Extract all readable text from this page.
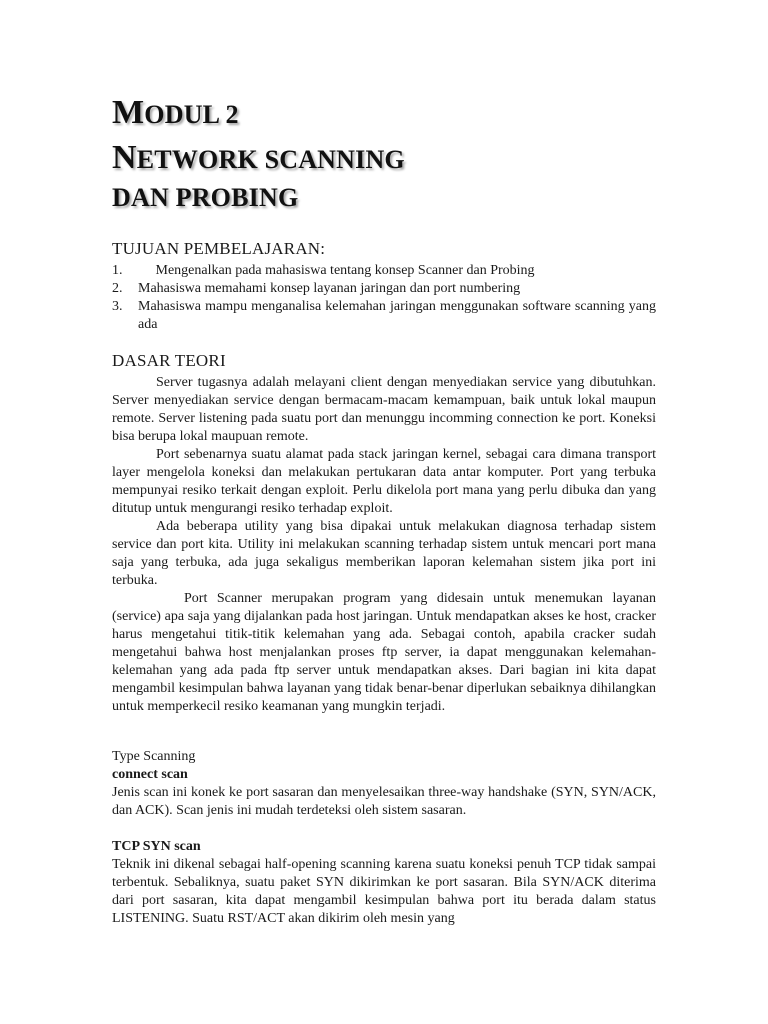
MODUL 2
NETWORK SCANNING
DAN PROBING
TUJUAN PEMBELAJARAN:
1.	Mengenalkan pada mahasiswa tentang konsep Scanner dan Probing
2.	Mahasiswa memahami konsep layanan jaringan dan port numbering
3.	Mahasiswa mampu menganalisa kelemahan jaringan menggunakan software scanning yang ada
DASAR TEORI

Server tugasnya adalah melayani client dengan menyediakan service yang dibutuhkan. Server menyediakan service dengan bermacam-macam kemampuan, baik untuk lokal maupun remote. Server listening pada suatu port dan menunggu incomming connection ke port. Koneksi bisa berupa lokal maupuan remote.

Port sebenarnya suatu alamat pada stack jaringan kernel, sebagai cara dimana transport layer mengelola koneksi dan melakukan pertukaran data antar komputer. Port yang terbuka mempunyai resiko terkait dengan exploit. Perlu dikelola port mana yang perlu dibuka dan yang ditutup untuk mengurangi resiko terhadap exploit.

Ada beberapa utility yang bisa dipakai untuk melakukan diagnosa terhadap sistem service dan port kita. Utility ini melakukan scanning terhadap sistem untuk mencari port mana saja yang terbuka, ada juga sekaligus memberikan laporan kelemahan sistem jika port ini terbuka.

Port Scanner merupakan program yang didesain untuk menemukan layanan (service) apa saja yang dijalankan pada host jaringan. Untuk mendapatkan akses ke host, cracker harus mengetahui titik-titik kelemahan yang ada. Sebagai contoh, apabila cracker sudah mengetahui bahwa host menjalankan proses ftp server, ia dapat menggunakan kelemahan-kelemahan yang ada pada ftp server untuk mendapatkan akses. Dari bagian ini kita dapat mengambil kesimpulan bahwa layanan yang tidak benar-benar diperlukan sebaiknya dihilangkan untuk memperkecil resiko keamanan yang mungkin terjadi.

Type Scanning
connect scan
Jenis scan ini konek ke port sasaran dan menyelesaikan three-way handshake (SYN, SYN/ACK, dan ACK). Scan jenis ini mudah terdeteksi oleh sistem sasaran.
TCP SYN scan
Teknik ini dikenal sebagai half-opening scanning karena suatu koneksi penuh TCP tidak sampai terbentuk. Sebaliknya, suatu paket SYN dikirimkan ke port sasaran. Bila SYN/ACK diterima dari port sasaran, kita dapat mengambil kesimpulan bahwa port itu berada dalam status LISTENING. Suatu RST/ACT akan dikirim oleh mesin yang
